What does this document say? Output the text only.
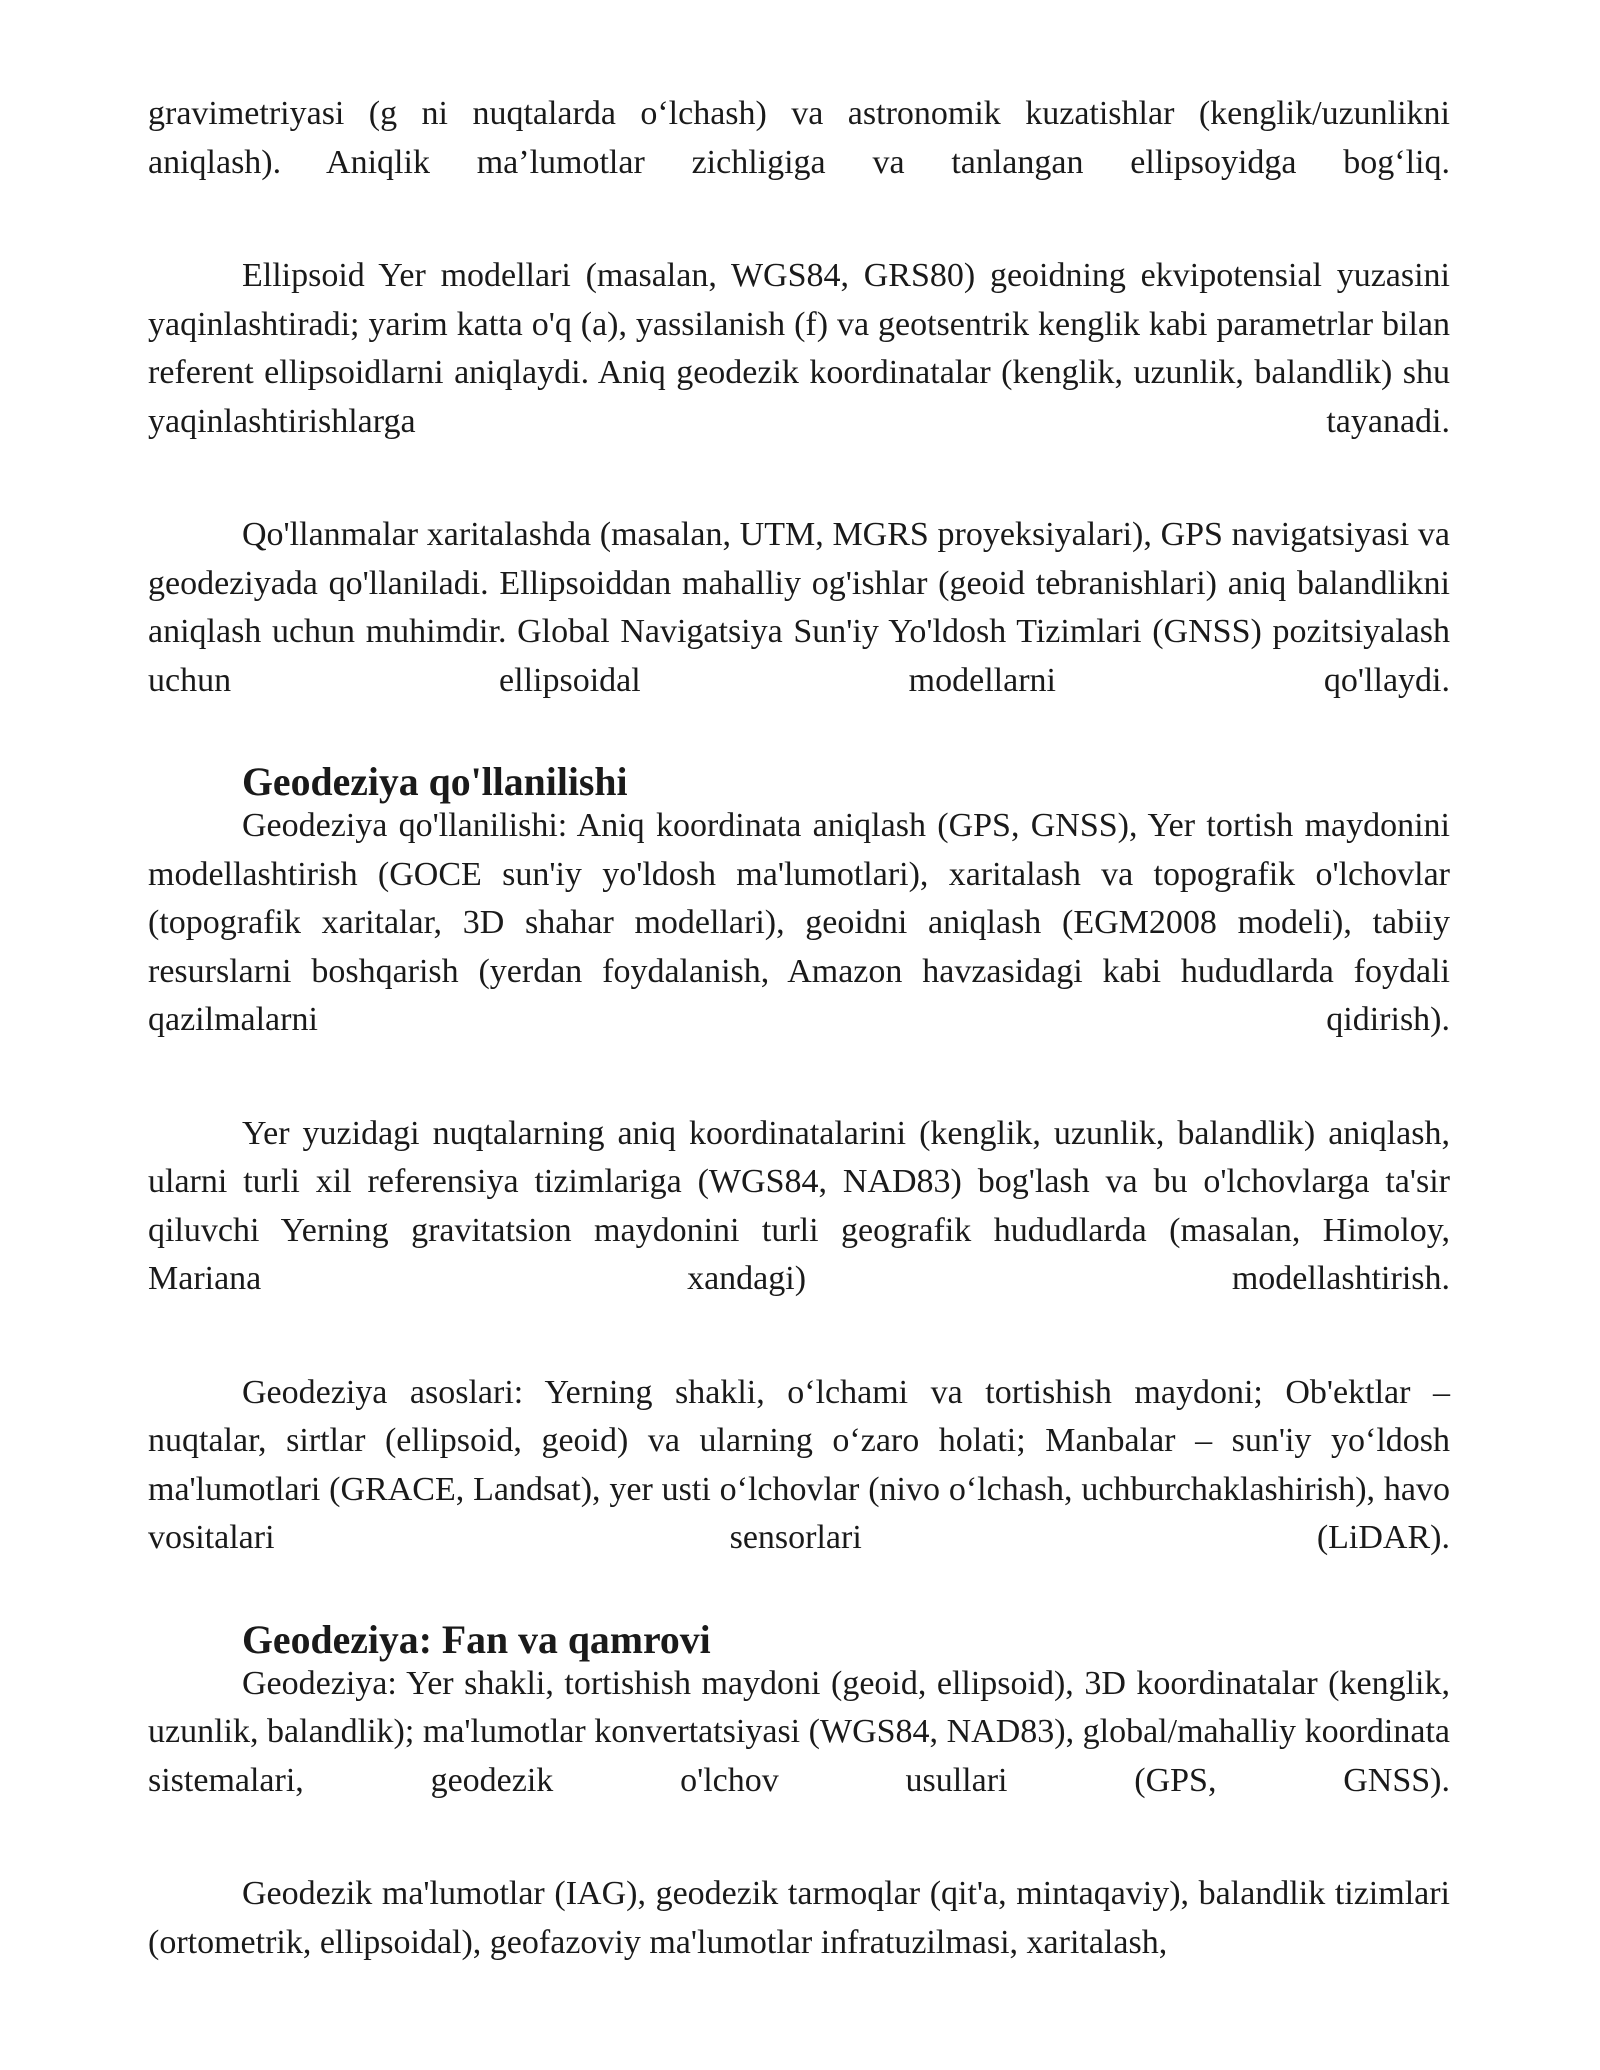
gravimetriyasi (g ni nuqtalarda o‘lchash) va astronomik kuzatishlar (kenglik/uzunlikni aniqlash). Aniqlik ma’lumotlar zichligiga va tanlangan ellipsoyidga bog‘liq.

Ellipsoid Yer modellari (masalan, WGS84, GRS80) geoidning ekvipotensial yuzasini yaqinlashtiradi; yarim katta o'q (a), yassilanish (f) va geotsentrik kenglik kabi parametrlar bilan referent ellipsoidlarni aniqlaydi. Aniq geodezik koordinatalar (kenglik, uzunlik, balandlik) shu yaqinlashtirishlarga tayanadi.

Qo'llanmalar xaritalashda (masalan, UTM, MGRS proyeksiyalari), GPS navigatsiyasi va geodeziyada qo'llaniladi. Ellipsoiddan mahalliy og'ishlar (geoid tebranishlari) aniq balandlikni aniqlash uchun muhimdir. Global Navigatsiya Sun'iy Yo'ldosh Tizimlari (GNSS) pozitsiyalash uchun ellipsoidal modellarni qo'llaydi.

Geodeziya qo'llanilishi

Geodeziya qo'llanilishi: Aniq koordinata aniqlash (GPS, GNSS), Yer tortish maydonini modellashtirish (GOCE sun'iy yo'ldosh ma'lumotlari), xaritalash va topografik o'lchovlar (topografik xaritalar, 3D shahar modellari), geoidni aniqlash (EGM2008 modeli), tabiiy resurslarni boshqarish (yerdan foydalanish, Amazon havzasidagi kabi hududlarda foydali qazilmalarni qidirish).

Yer yuzidagi nuqtalarning aniq koordinatalarini (kenglik, uzunlik, balandlik) aniqlash, ularni turli xil referensiya tizimlariga (WGS84, NAD83) bog'lash va bu o'lchovlarga ta'sir qiluvchi Yerning gravitatsion maydonini turli geografik hududlarda (masalan, Himoloy, Mariana xandagi) modellashtirish.

Geodeziya asoslari: Yerning shakli, o‘lchami va tortishish maydoni; Ob'ektlar – nuqtalar, sirtlar (ellipsoid, geoid) va ularning o‘zaro holati; Manbalar – sun'iy yo‘ldosh ma'lumotlari (GRACE, Landsat), yer usti o‘lchovlar (nivo o‘lchash, uchburchaklashirish), havo vositalari sensorlari (LiDAR).

Geodeziya: Fan va qamrovi

Geodeziya: Yer shakli, tortishish maydoni (geoid, ellipsoid), 3D koordinatalar (kenglik, uzunlik, balandlik); ma'lumotlar konvertatsiyasi (WGS84, NAD83), global/mahalliy koordinata sistemalari, geodezik o'lchov usullari (GPS, GNSS).

Geodezik ma'lumotlar (IAG), geodezik tarmoqlar (qit'a, mintaqaviy), balandlik tizimlari (ortometrik, ellipsoidal), geofazoviy ma'lumotlar infratuzilmasi, xaritalash,
